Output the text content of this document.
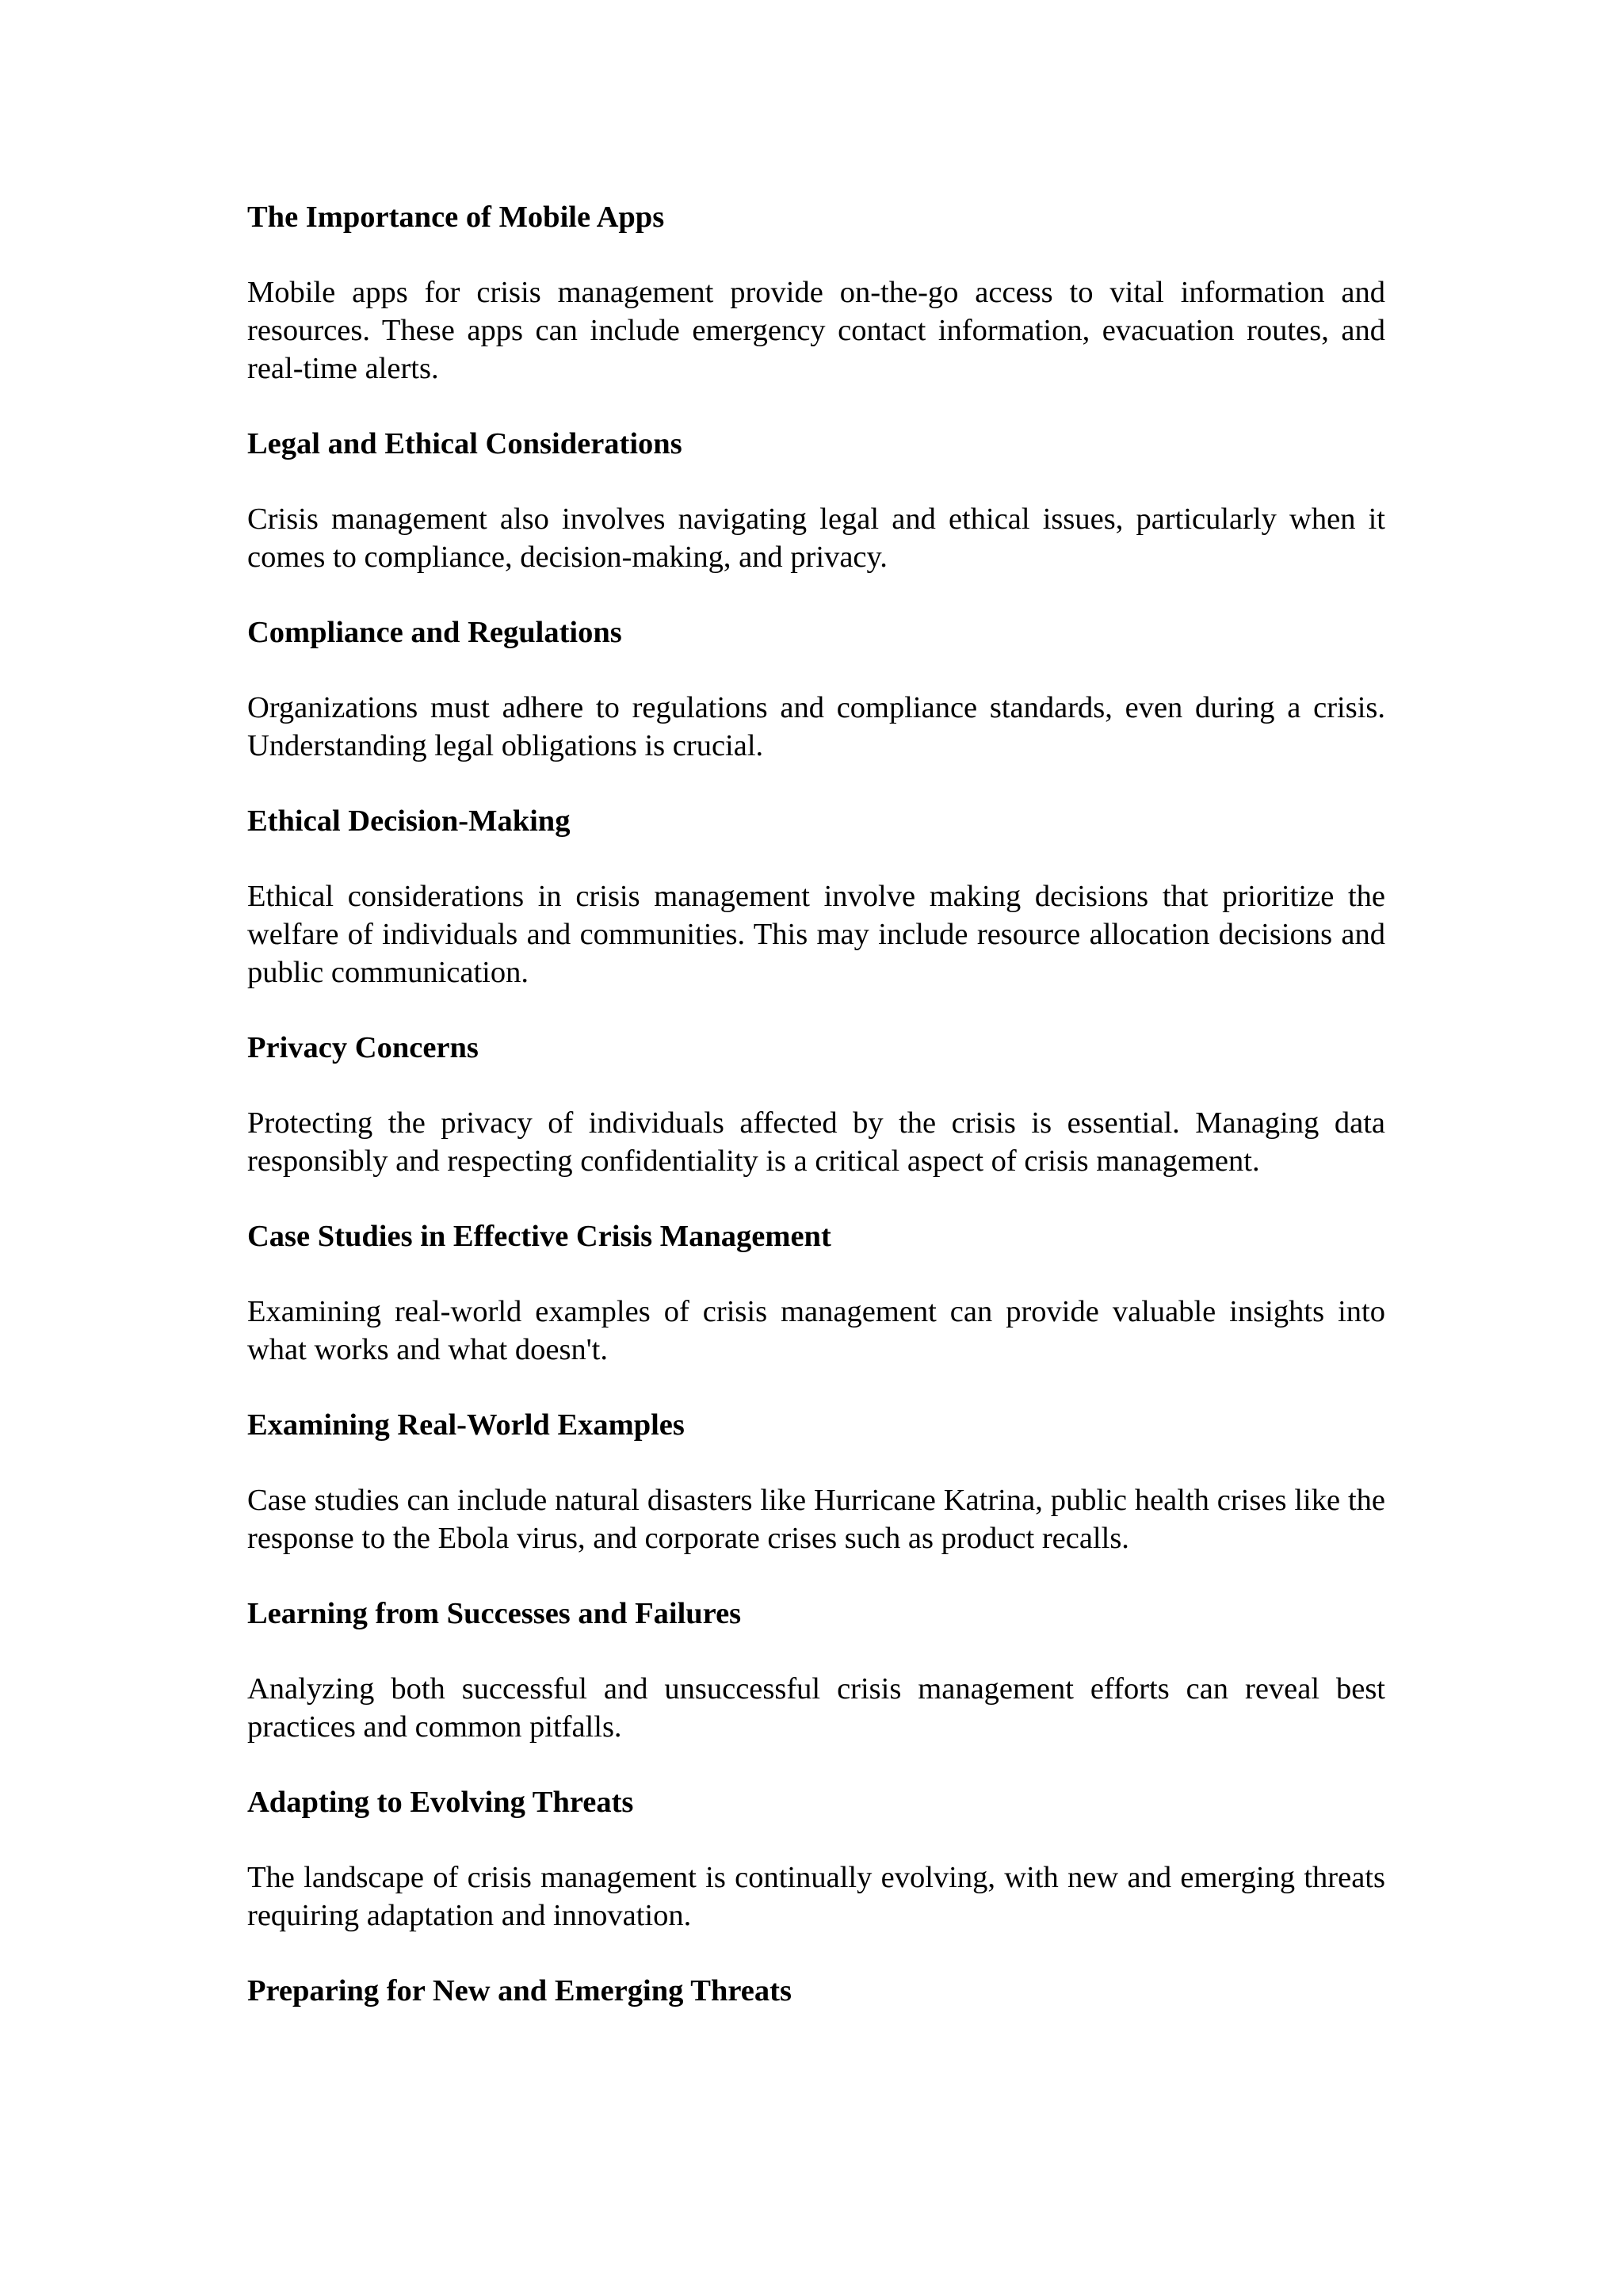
The Importance of Mobile Apps

Mobile apps for crisis management provide on-the-go access to vital information and resources. These apps can include emergency contact information, evacuation routes, and real-time alerts.

Legal and Ethical Considerations

Crisis management also involves navigating legal and ethical issues, particularly when it comes to compliance, decision-making, and privacy.

Compliance and Regulations

Organizations must adhere to regulations and compliance standards, even during a crisis. Understanding legal obligations is crucial.

Ethical Decision-Making

Ethical considerations in crisis management involve making decisions that prioritize the welfare of individuals and communities. This may include resource allocation decisions and public communication.

Privacy Concerns

Protecting the privacy of individuals affected by the crisis is essential. Managing data responsibly and respecting confidentiality is a critical aspect of crisis management.

Case Studies in Effective Crisis Management

Examining real-world examples of crisis management can provide valuable insights into what works and what doesn't.

Examining Real-World Examples

Case studies can include natural disasters like Hurricane Katrina, public health crises like the response to the Ebola virus, and corporate crises such as product recalls.

Learning from Successes and Failures

Analyzing both successful and unsuccessful crisis management efforts can reveal best practices and common pitfalls.

Adapting to Evolving Threats

The landscape of crisis management is continually evolving, with new and emerging threats requiring adaptation and innovation.

Preparing for New and Emerging Threats
